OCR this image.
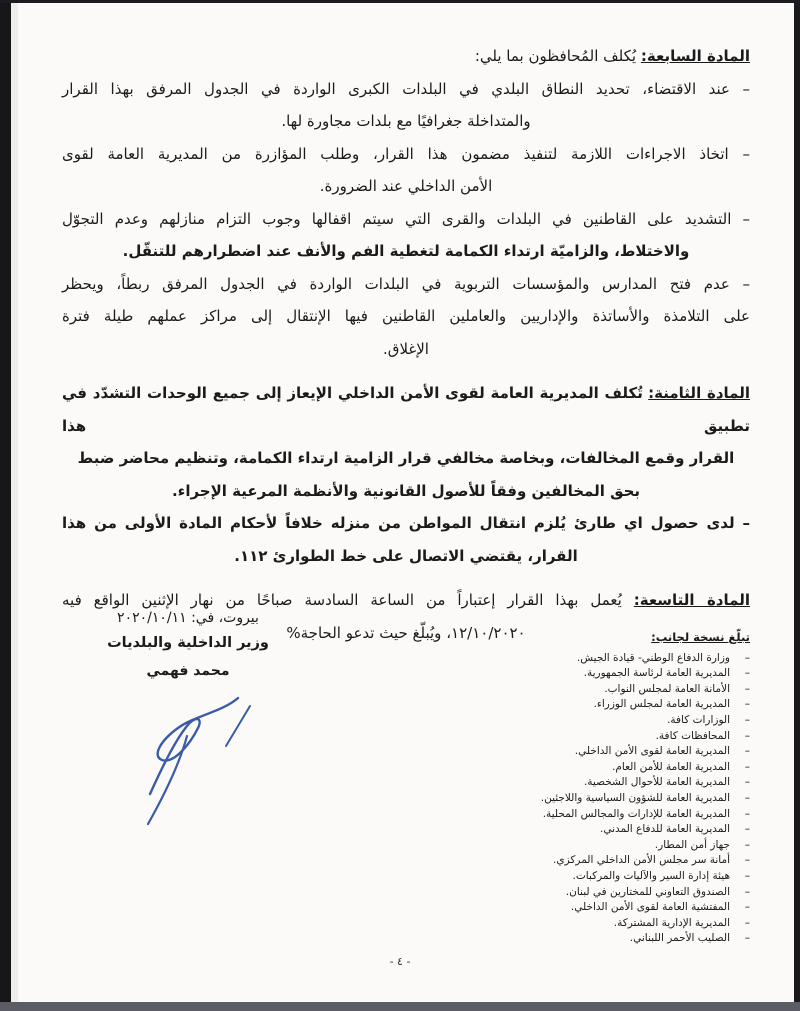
المادة السابعة: يُكلف المُحافظون بما يلي:
– عند الاقتضاء، تحديد النطاق البلدي في البلدات الكبرى الواردة في الجدول المرفق بهذا القرار
والمتداخلة جغرافيًا مع بلدات مجاورة لها.
– اتخاذ الاجراءات اللازمة لتنفيذ مضمون هذا القرار، وطلب المؤازرة من المديرية العامة لقوى
الأمن الداخلي عند الضرورة.
– التشديد على القاطنين في البلدات والقرى التي سيتم اقفالها وجوب التزام منازلهم وعدم التجوّل
والاختلاط، والزاميّة ارتداء الكمامة لتغطية الفم والأنف عند اضطرارهم للتنقّل.
– عدم فتح المدارس والمؤسسات التربوية في البلدات الواردة في الجدول المرفق ربطاً، ويحظر
على التلامذة والأساتذة والإداريين والعاملين القاطنين فيها الإنتقال إلى مراكز عملهم طيلة فترة
الإغلاق.
المادة الثامنة: تُكلف المديرية العامة لقوى الأمن الداخلي الإيعاز إلى جميع الوحدات التشدّد في تطبيق هذا
القرار وقمع المخالفات، وبخاصة مخالفي قرار الزامية ارتداء الكمامة، وتنظيم محاضر ضبط
بحق المخالفين وفقاً للأصول القانونية والأنظمة المرعية الإجراء.
– لدى حصول اي طارئ يُلزم انتقال المواطن من منزله خلافاً لأحكام المادة الأولى من هذا
القرار، يقتضي الاتصال على خط الطوارئ ١١٢.
المادة التاسعة: يُعمل بهذا القرار إعتباراً من الساعة السادسة صباحًا من نهار الإثنين الواقع فيه
١٢/١٠/٢٠٢٠، ويُبلّغ حيث تدعو الحاجة%
بيروت، في: ٢٠٢٠/١٠/١١
وزير الداخلية والبلديات
محمد فهمي
تبلّغ نسخة لجانب:
–
وزارة الدفاع الوطني- قيادة الجيش.
–
المديرية العامة لرئاسة الجمهورية.
–
الأمانة العامة لمجلس النواب.
–
المديرية العامة لمجلس الوزراء.
–
الوزارات كافة.
–
المحافظات كافة.
–
المديرية العامة لقوى الأمن الداخلي.
–
المديرية العامة للأمن العام.
–
المديرية العامة للأحوال الشخصية.
–
المديرية العامة للشؤون السياسية واللاجئين.
–
المديرية العامة للإدارات والمجالس المحلية.
–
المديرية العامة للدفاع المدني.
–
جهاز أمن المطار.
–
أمانة سر مجلس الأمن الداخلي المركزي.
–
هيئة إدارة السير والآليات والمركبات.
–
الصندوق التعاوني للمختارين في لبنان.
–
المفتشية العامة لقوى الأمن الداخلي.
–
المديرية الإدارية المشتركة.
–
الصليب الأحمر اللبناني.
- ٤ -
